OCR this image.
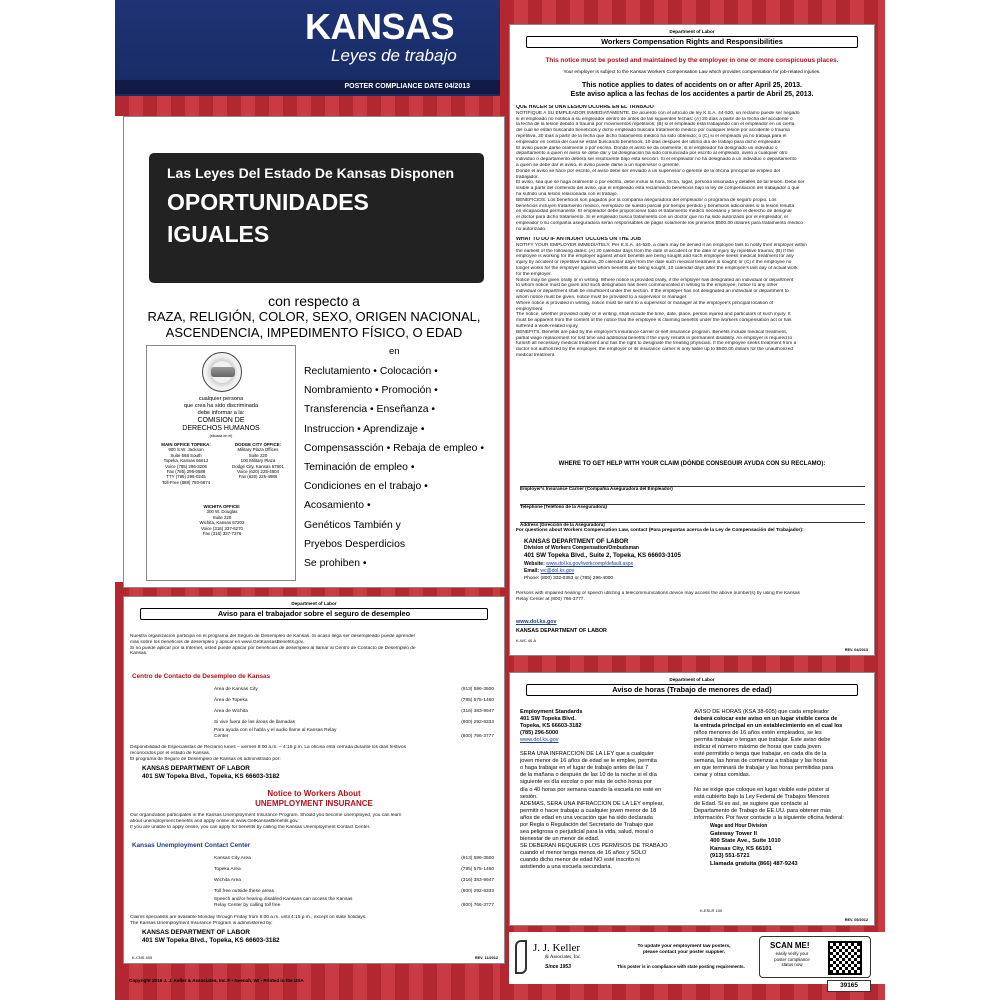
KANSAS
Leyes de trabajo
POSTER COMPLIANCE DATE 04/2013
Las Leyes Del Estado De Kansas Disponen
OPORTUNIDADES
IGUALES
con respecto a
RAZA, RELIGIÓN, COLOR, SEXO, ORIGEN NACIONAL,
ASCENDENCIA, IMPEDIMENTO FÍSICO, O EDAD
cualquier persona
que crea ha sido discriminada
debe informar a la:
COMISIÓN DE
DERECHOS HUMANOS
(situada en el)
MAIN OFFICE TOPEKA:
900 S.W. Jackson
Suite 568 South
Topeka, Kansas 66612
Voice (785) 296-3206
Fax (785) 296-0589
TTY (785) 296-0245
Toll-Free (888) 793-6874
DODGE CITY OFFICE:
Military Plaza Offices
Suite 220
100 Military Plaza
Dodge City, Kansas 67801
Voice (620) 225-4804
Fax (620) 225-4986
WICHITA OFFICE:
300 W. Douglas
Suite 220
Wichita, Kansas 67202
Voice (316) 337-6270
Fax (316) 337-7376
en
Reclutamiento • Colocación •
Nombramiento • Promoción •
Transferencia • Enseñanza •
Instruccion • Aprendizaje •
Compensassción • Rebaja de empleo •
Teminación de empleo •
Condiciones en el trabajo •
Acosamiento •
Genéticos También y
Pryebos Desperdicios
Se prohiben •
Department of Labor
Workers Compensation Rights and Responsibilities
This notice must be posted and maintained by the employer in one or more conspicuous places.
Your employer is subject to the Kansas Workers Compensation Law which provides compensation for job-related injuries.
This notice applies to dates of accidents on or after April 25, 2013.
Este aviso aplica a las fechas de los accidentes a partir de Abril 25, 2013.
QUE HACER SI UNA LESIÓN OCURRE EN EL TRABAJO
NOTIFIQUE A SU EMPLEADOR INMEDIATAMENTE. De acuerdo con el artículo de ley K.S.A. 44-520, un reclamo puede ser negado
si el empleado no notifica a su empleador dentro de antes de las siguientes fechas: (A) 20 días a partir de la fecha del accidente o
la fecha de la lesión debido a trauma por movimientos repetitivos; (B) si el empleado está trabajando con el empleador en un cierta
del cual se están buscando beneficios y dicho empleado buscara tratamiento médico por cualquier lesión por accidente o trauma
repetitiva, 20 días a partir de la fecha que dicho tratamiento médico ha sido obtenido; o (C) si el empleado ya no trabaja para el
empleador en contra del cual se están buscando beneficios, 10 días después del último día de trabajo para dicho empleador.
El aviso puede darse oralmente o por escrito. Donde el aviso se da oralmente, si el empleador ha designado un individuo o
departamento a quien el aviso se debe dar y tal designación ha sido comunicada por escrito al empleado, aviso a cualquier otro
individuo o departamento deberá ser insuficiente bajo esta sección. Si el empleador no ha designado a un individuo o departamento
a quien se debe dar el aviso, el aviso puede darse a un supervisor o gerente.
Donde el aviso se hace por escrito, el aviso debe ser enviado a un supervisor o gerente de la oficina principal de empleo del
trabajador.
El aviso, sea que se haga oralmente o por escrito, debe incluir la hora, fecha, lugar, persona lesionada y detalles de tal lesión. Debe ser
visible a partir del contenido del aviso, que el empleado está reclamando beneficios bajo la ley de compensación del trabajador o que
ha sufrido una lesión relacionada con el trabajo.
BENEFICIOS. Los beneficios son pagados por la compañía aseguradora del empleador o programa de seguro propio. Los
beneficios incluyen tratamiento médico, reemplazo de sueldo parcial por tiempo perdido y beneficios adicionales si la lesión resulta
en incapacidad permanente. El empleador debe proporcionar todo el tratamiento médico necesario y tiene el derecho de designar
el doctor para dicho tratamiento. Si el empleado busca tratamiento con un doctor que no ha sido autorizado por el empleador, el
empleador o su compañía aseguradora serán responsables de pagar solamente los primeros $500.00 dólares para tratamiento médico
no autorizado.
WHAT TO DO IF AN INJURY OCCURS ON THE JOB
NOTIFY YOUR EMPLOYER IMMEDIATELY. Per K.S.A. 44-520, a claim may be denied if an employee fails to notify their employer within
the earliest of the following dates: (A) 20 calendar days from the date of accident or the date of injury by repetitive trauma; (B) If the
employee is working for the employer against whom benefits are being sought and such employee seeks medical treatment for any
injury by accident or repetitive trauma, 20 calendar days from the date such medical treatment is sought; or (C) if the employee no
longer works for the employer against whom benefits are being sought, 10 calendar days after the employee's last day of actual work
for the employer.
Notice may be given orally or in writing. Where notice is provided orally, if the employer has designated an individual or department
to whom notice must be given and such designation has been communicated in writing to the employee, notice to any other
individual or department shall be insufficient under this section. If the employer has not designated an individual or department to
whom notice must be given, notice must be provided to a supervisor or manager.
Where notice is provided in writing, notice must be sent to a supervisor or manager at the employee's principal location of
employment.
The notice, whether provided orally or in writing, shall include the time, date, place, person injured and particulars of such injury. It
must be apparent from the content of the notice that the employee is claiming benefits under the workers compensation act or has
suffered a work-related injury.
BENEFITS. Benefits are paid by the employer's insurance carrier or self insurance program. Benefits include medical treatment,
partial wage replacement for lost time and additional benefits if the injury results in permanent disability. An employer is required to
furnish all necessary medical treatment and has the right to designate the treating physician. If the employee seeks treatment from a
doctor not authorized by the employer, the employer or its insurance carrier is only liable up to $500.00 dollars for the unauthorized
medical treatment.
WHERE TO GET HELP WITH YOUR CLAIM (DÓNDE CONSEGUIR AYUDA CON SU RECLAMO):
Employer's Insurance Carrier (Compañía Aseguradora del Empleador)
Telephone (Teléfono de la Aseguradora)
Address (Dirección de la Aseguradora)
For questions about Workers Compensation Law, contact (Para preguntas acerca de la Ley de Compensación del Trabajador):
KANSAS DEPARTMENT OF LABOR
Division of Workers Compensation/Ombudsman
401 SW Topeka Blvd., Suite 2, Topeka, KS 66603-3105
Website: www.dol.ks.gov/workcomp/default.aspx
Email: wc@dol.ks.gov
Phone: (800) 332-0353 or (785) 296-4000
Persons with impaired hearing or speech utilizing a telecommunications device may access the above number(s) by using the Kansas
Relay Center at (800) 766-3777.
www.dol.ks.gov
KANSAS DEPARTMENT OF LABOR
K-WC 40-A
REV. 04/2013
Department of Labor
Aviso para el trabajador sobre el seguro de desempleo
Nuestra organización participa en el programa del Seguro de Desempleo de Kansas. Si acaso llega ser desempleado puede aprender
más sobre los beneficios de desempleo y aplicar en www.GetKansasBenefits.gov.
Si no puede aplicar por la Internet, usted puede aplicar por beneficios de desempleo al llamar al Centro de Contacto de Desempleo de
Kansas.
Centro de Contacto de Desempleo de Kansas
Área de Kansas City	(913) 596-3500
Área de Topeka	(785) 575-1460
Área de Wichita	(316) 383-9947
Si vive fuera de las áreas de llamadas	(800) 292-6333
Para ayuda con el habla y el audio llame al Kansas Relay Center	(800) 766-3777
Disponibilidad de Especialistas de Reclamo lunes – viernes 8:00 a.m. – 4:15 p.m. La oficina está cerrada durante los días festivos
reconocidos por el estado de Kansas.
El programa de Seguro de Desempleo de Kansas es administrado por:
KANSAS DEPARTMENT OF LABOR
401 SW Topeka Blvd., Topeka, KS 66603-3182
Notice to Workers About
UNEMPLOYMENT INSURANCE
Our organization participates in the Kansas Unemployment Insurance Program. Should you become unemployed, you can learn
about unemployment benefits and apply online at www.GetKansasBenefits.gov.
If you are unable to apply online, you can apply for benefits by calling the Kansas Unemployment Contact Center.
Kansas Unemployment Contact Center
Kansas City Area	(913) 596-3500
Topeka Area	(785) 575-1460
Wichita Area	(316) 383-9947
Toll free outside these areas	(800) 292-6333
Speech and/or hearing disabled Kansans can access the Kansas Relay Center by calling toll free	(800) 766-3777
Claims specialists are available Monday through Friday from 8:00 a.m. until 4:15 p.m., except on state holidays.
The Kansas Unemployment Insurance Program is administered by:
KANSAS DEPARTMENT OF LABOR
401 SW Topeka Blvd., Topeka, KS 66603-3182
K-CNS 405	REV. 11/2012
Department of Labor
Aviso de horas (Trabajo de menores de edad)
Employment Standards
401 SW Topeka Blvd.
Topeka, KS 66603-3182
(785) 296-5000
www.dol.ks.gov

SERÁ UNA INFRACCIÓN DE LA LEY que a cualquier
joven menor de 16 años de edad se le emplee, permita
o haga trabajar en el lugar de trabajo antes de las 7
de la mañana o después de las 10 de la noche si el día
siguiente es día escolar o por más de ocho horas por
día o 40 horas por semana cuando la escuela no esté en
sesión.
ADEMÁS, SERÁ UNA INFRACCIÓN DE LA LEY emplear,
permitir o hacer trabajar a cualquier joven menor de 18
años de edad en una vocación que ha sido declarada
por Regla o Regulación del Secretario de Trabajo que
sea peligrosa o perjudicial para la vida, salud, moral o
bienestar de un menor de edad.
SE DEBERÁN REQUERIR LOS PERMISOS DE TRABAJO
cuando el menor tenga menos de 16 años y SOLO
cuando dicho menor de edad NO esté inscrito ni
asistiendo a una escuela secundaria.
AVISO DE HORAS (KSA 38-605) que cada empleador
deberá colocar este aviso en un lugar visible cerca de
la entrada principal en un establecimiento en el cual los
niños menores de 16 años estén empleados, se les
permita trabajar o tengan que trabajar. Este aviso debe
indicar el número máximo de horas que cada joven
esté permitido o tenga que trabajar, en cada día de la
semana, las horas de comenzar a trabajar y las horas
en que terminará de trabajar y las horas permitidas para
cenar y otras comidas.

No se exige que coloque en lugar visible este póster si
está cubierto bajo la Ley Federal de Trabajos Menores
de Edad. Si es así, se sugiere que contacte al
Departamento de Trabajo de EE.UU. para obtener más
información. Por favor contacte a la siguiente oficina federal:
Wage and Hour Division
Gateway Tower II
400 State Ave., Suite 1010
Kansas City, KS 66101
(913) 551-5721
Llamada gratuita (866) 487-9243
K-ESLR 100
REV. 05/2012
J. J. Keller
& Associates, Inc.
Since 1953
To update your employment law posters,
please contact your poster supplier.
This poster is in compliance with state posting requirements.
SCAN ME!
easily verify your
poster compliance
status now
Copyright 2016 J. J. Keller & Associates, Inc.® • Neenah, WI • Printed in the USA
39165
